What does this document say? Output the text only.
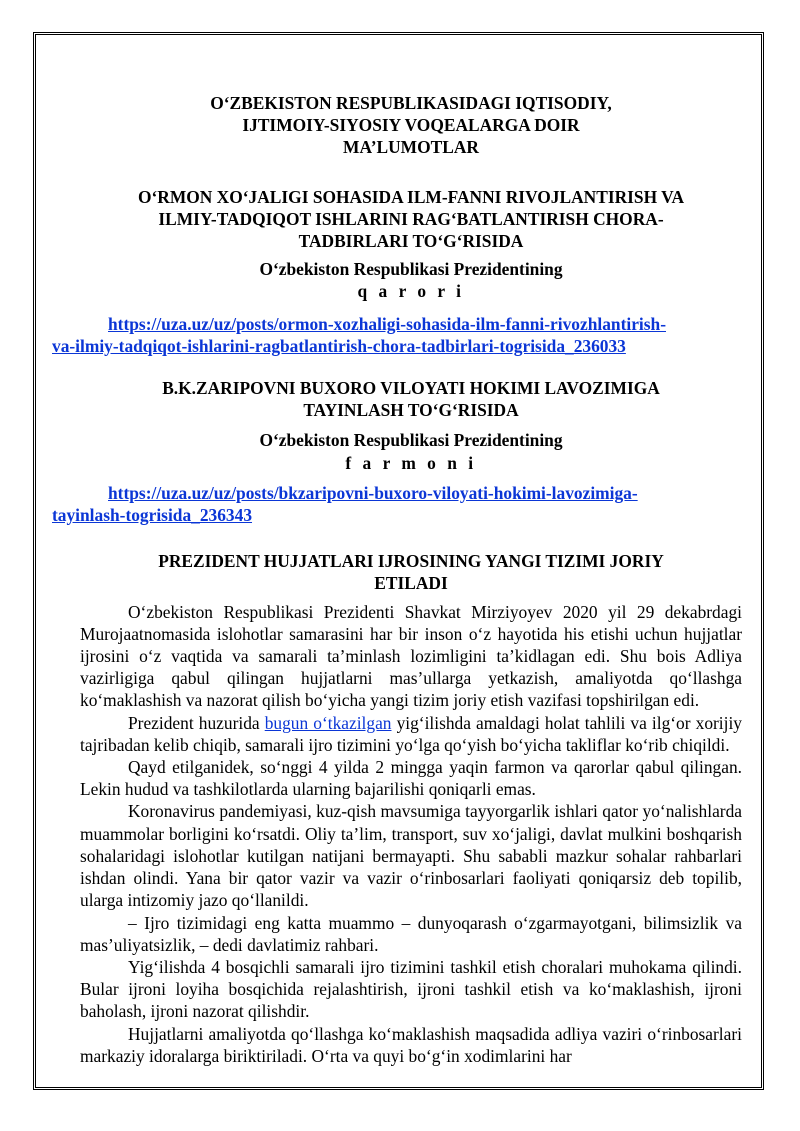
O‘ZBEKISTON RESPUBLIKASIDAGI IQTISODIY,

IJTIMOIY-SIYOSIY VOQEALARGA DOIR

MA’LUMOTLAR

O‘RMON XO‘JALIGI SOHASIDA ILM-FANNI RIVOJLANTIRISH VA

ILMIY-TADQIQOT ISHLARINI RAG‘BATLANTIRISH CHORA-

TADBIRLARI TO‘G‘RISIDA

O‘zbekiston Respublikasi Prezidentining

q a r o r i

https://uza.uz/uz/posts/ormon-xozhaligi-sohasida-ilm-fanni-rivozhlantirish-
va-ilmiy-tadqiqot-ishlarini-ragbatlantirish-chora-tadbirlari-togrisida_236033

B.K.ZARIPOVNI BUXORO VILOYATI HOKIMI LAVOZIMIGA

TAYINLASH TO‘G‘RISIDA

O‘zbekiston Respublikasi Prezidentining

f a r m o n i

https://uza.uz/uz/posts/bkzaripovni-buxoro-viloyati-hokimi-lavozimiga-
tayinlash-togrisida_236343

PREZIDENT HUJJATLARI IJROSINING YANGI TIZIMI JORIY

ETILADI

O‘zbekiston Respublikasi Prezidenti Shavkat Mirziyoyev 2020 yil 29 dekabrdagi Murojaatnomasida islohotlar samarasini har bir inson o‘z hayotida his etishi uchun hujjatlar ijrosini o‘z vaqtida va samarali ta’minlash lozimligini ta’kidlagan edi. Shu bois Adliya vazirligiga qabul qilingan hujjatlarni mas’ullarga yetkazish, amaliyotda qo‘llashga ko‘maklashish va nazorat qilish bo‘yicha yangi tizim joriy etish vazifasi topshirilgan edi.

Prezident huzurida bugun o‘tkazilgan yig‘ilishda amaldagi holat tahlili va ilg‘or xorijiy tajribadan kelib chiqib, samarali ijro tizimini yo‘lga qo‘yish bo‘yicha takliflar ko‘rib chiqildi.

Qayd etilganidek, so‘nggi 4 yilda 2 mingga yaqin farmon va qarorlar qabul qilingan. Lekin hudud va tashkilotlarda ularning bajarilishi qoniqarli emas.

Koronavirus pandemiyasi, kuz-qish mavsumiga tayyorgarlik ishlari qator yo‘nalishlarda muammolar borligini ko‘rsatdi. Oliy ta’lim, transport, suv xo‘jaligi, davlat mulkini boshqarish sohalaridagi islohotlar kutilgan natijani bermayapti. Shu sababli mazkur sohalar rahbarlari ishdan olindi. Yana bir qator vazir va vazir o‘rinbosarlari faoliyati qoniqarsiz deb topilib, ularga intizomiy jazo qo‘llanildi.

– Ijro tizimidagi eng katta muammo – dunyoqarash o‘zgarmayotgani, bilimsizlik va mas’uliyatsizlik, – dedi davlatimiz rahbari.

Yig‘ilishda 4 bosqichli samarali ijro tizimini tashkil etish choralari muhokama qilindi. Bular ijroni loyiha bosqichida rejalashtirish, ijroni tashkil etish va ko‘maklashish, ijroni baholash, ijroni nazorat qilishdir.

Hujjatlarni amaliyotda qo‘llashga ko‘maklashish maqsadida adliya vaziri o‘rinbosarlari markaziy idoralarga biriktiriladi. O‘rta va quyi bo‘g‘in xodimlarini har
